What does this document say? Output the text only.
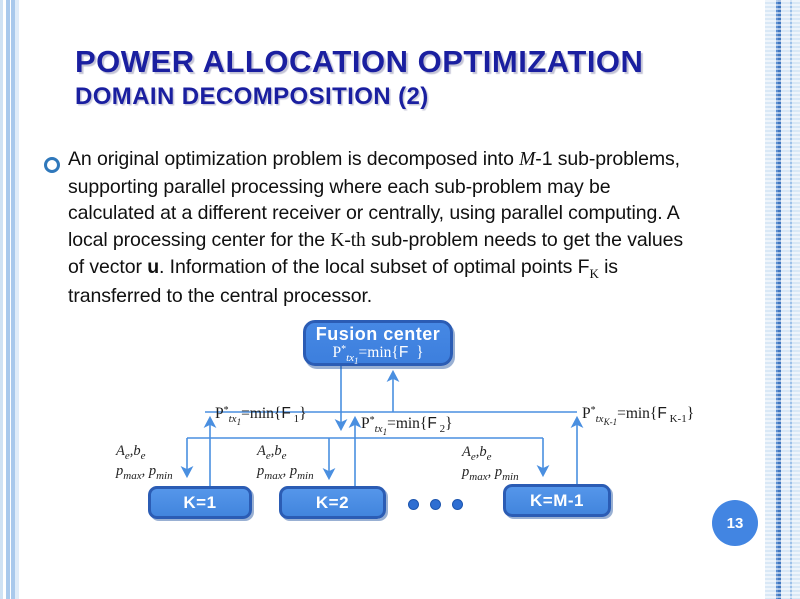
POWER ALLOCATION OPTIMIZATION
DOMAIN DECOMPOSITION (2)
An original optimization problem is decomposed into M-1 sub-problems,
supporting parallel processing where each sub-problem may be
calculated at a different receiver or centrally, using parallel computing. A
local processing center for the K-th sub-problem needs to get the values
of vector u. Information of the local subset of optimal points $F_K$ is
transferred to the central processor.
Fusion center
$P^*_{tx1}=\min\{F$ }
$P^*_{tx1}=\min\{F$ $_1$}
$P^*_{tx1}=\min\{F$ $_2$}
$P^*_{txK-1}=\min\{F$ $_{K-1}$}
$A_e,b_e$
$p_{max}$, $p_{min}$
$A_e,b_e$
$p_{max}$, $p_{min}$
$A_e,b_e$
$p_{max}$, $p_{min}$
K=1	K=2	K=M-1
13
